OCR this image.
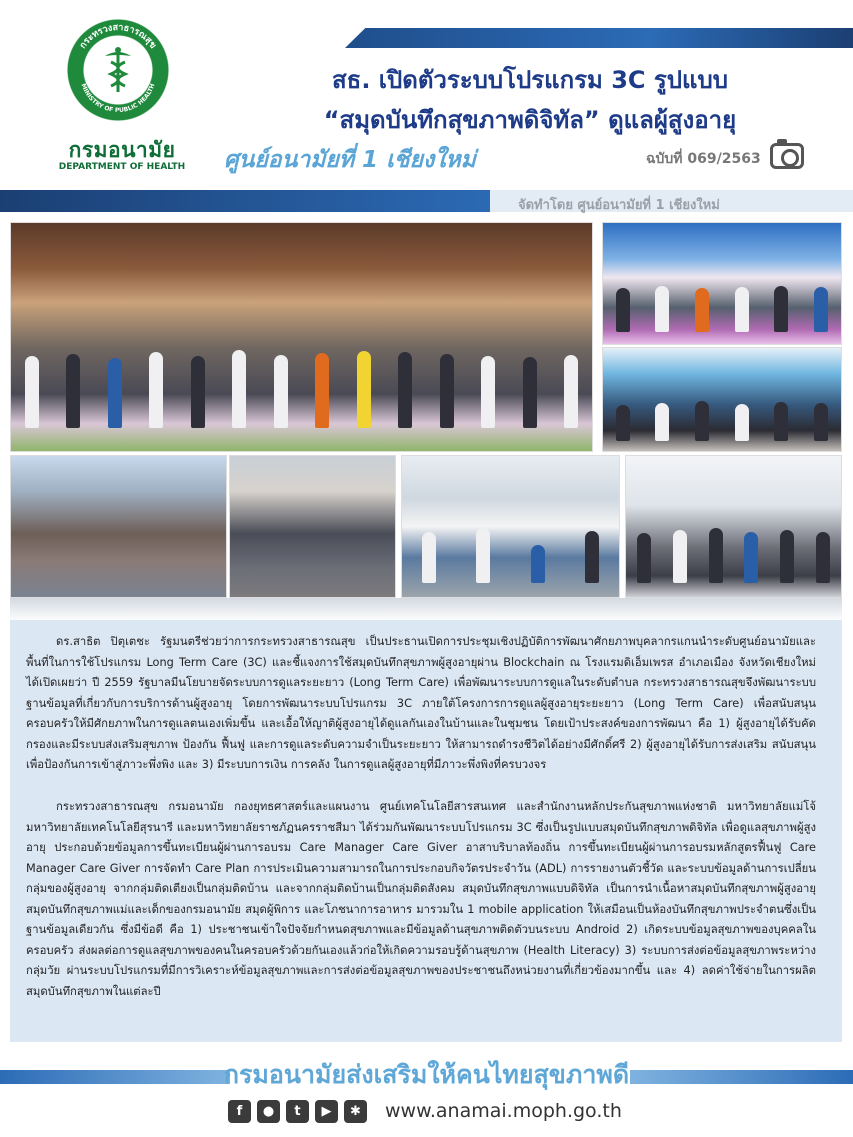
กระทรวงสาธารณสุข
MINISTRY OF PUBLIC HEALTH
กรมอนามัย
DEPARTMENT OF HEALTH
สธ. เปิดตัวระบบโปรแกรม 3C รูปแบบ
“สมุดบันทึกสุขภาพดิจิทัล” ดูแลผู้สูงอายุ
ศูนย์อนามัยที่ 1 เชียงใหม่	ฉบับที่ 069/2563
จัดทำโดย ศูนย์อนามัยที่ 1 เชียงใหม่

ดร.สาธิต ปิตุเตชะ รัฐมนตรีช่วยว่าการกระทรวงสาธารณสุข เป็นประธานเปิดการประชุมเชิงปฏิบัติการพัฒนาศักยภาพบุคลากรแกนนำระดับศูนย์อนามัยและพื้นที่ในการใช้โปรแกรม Long Term Care (3C) และชี้แจงการใช้สมุดบันทึกสุขภาพผู้สูงอายุผ่าน Blockchain ณ โรงแรมดิเอ็มเพรส อำเภอเมือง จังหวัดเชียงใหม่ ได้เปิดเผยว่า ปี 2559 รัฐบาลมีนโยบายจัดระบบการดูแลระยะยาว (Long Term Care) เพื่อพัฒนาระบบการดูแลในระดับตำบล กระทรวงสาธารณสุขจึงพัฒนาระบบฐานข้อมูลที่เกี่ยวกับการบริการด้านผู้สูงอายุ โดยการพัฒนาระบบโปรแกรม 3C ภายใต้โครงการการดูแลผู้สูงอายุระยะยาว (Long Term Care) เพื่อสนับสนุนครอบครัวให้มีศักยภาพในการดูแลตนเองเพิ่มขึ้น และเอื้อให้ญาติผู้สูงอายุได้ดูแลกันเองในบ้านและในชุมชน โดยเป้าประสงค์ของการพัฒนา คือ 1) ผู้สูงอายุได้รับคัดกรองและมีระบบส่งเสริมสุขภาพ ป้องกัน ฟื้นฟู และการดูแลระดับความจำเป็นระยะยาว ให้สามารถดำรงชีวิตได้อย่างมีศักดิ์ศรี 2) ผู้สูงอายุได้รับการส่งเสริม สนับสนุน เพื่อป้องกันการเข้าสู่ภาวะพึ่งพิง และ 3) มีระบบการเงิน การคลัง ในการดูแลผู้สูงอายุที่มีภาวะพึ่งพิงที่ครบวงจร

กระทรวงสาธารณสุข กรมอนามัย กองยุทธศาสตร์และแผนงาน ศูนย์เทคโนโลยีสารสนเทศ และสำนักงานหลักประกันสุขภาพแห่งชาติ มหาวิทยาลัยแม่โจ้ มหาวิทยาลัยเทคโนโลยีสุรนารี และมหาวิทยาลัยราชภัฏนครราชสีมา ได้ร่วมกันพัฒนาระบบโปรแกรม 3C ซึ่งเป็นรูปแบบสมุดบันทึกสุขภาพดิจิทัล เพื่อดูแลสุขภาพผู้สูงอายุ ประกอบด้วยข้อมูลการขึ้นทะเบียนผู้ผ่านการอบรม Care Manager Care Giver อาสาบริบาลท้องถิ่น การขึ้นทะเบียนผู้ผ่านการอบรมหลักสูตรฟื้นฟู Care Manager Care Giver การจัดทำ Care Plan การประเมินความสามารถในการประกอบกิจวัตรประจำวัน (ADL) การรายงานตัวชี้วัด และระบบข้อมูลด้านการเปลี่ยนกลุ่มของผู้สูงอายุ จากกลุ่มติดเตียงเป็นกลุ่มติดบ้าน และจากกลุ่มติดบ้านเป็นกลุ่มติดสังคม สมุดบันทึกสุขภาพแบบดิจิทัล เป็นการนำเนื้อหาสมุดบันทึกสุขภาพผู้สูงอายุ สมุดบันทึกสุขภาพแม่และเด็กของกรมอนามัย สมุดผู้พิการ และโภชนาการอาหาร มารวมใน 1 mobile application ให้เสมือนเป็นห้องบันทึกสุขภาพประจำตนซึ่งเป็นฐานข้อมูลเดียวกัน ซึ่งมีข้อดี คือ 1) ประชาชนเข้าใจปัจจัยกำหนดสุขภาพและมีข้อมูลด้านสุขภาพติดตัวบนระบบ Android 2) เกิดระบบข้อมูลสุขภาพของบุคคลในครอบครัว ส่งผลต่อการดูแลสุขภาพของคนในครอบครัวด้วยกันเองแล้วก่อให้เกิดความรอบรู้ด้านสุขภาพ (Health Literacy) 3) ระบบการส่งต่อข้อมูลสุขภาพระหว่างกลุ่มวัย ผ่านระบบโปรแกรมที่มีการวิเคราะห์ข้อมูลสุขภาพและการส่งต่อข้อมูลสุขภาพของประชาชนถึงหน่วยงานที่เกี่ยวข้องมากขึ้น และ 4) ลดค่าใช้จ่ายในการผลิตสมุดบันทึกสุขภาพในแต่ละปี

กรมอนามัยส่งเสริมให้คนไทยสุขภาพดี
f	●	t	▶	✱	www.anamai.moph.go.th
